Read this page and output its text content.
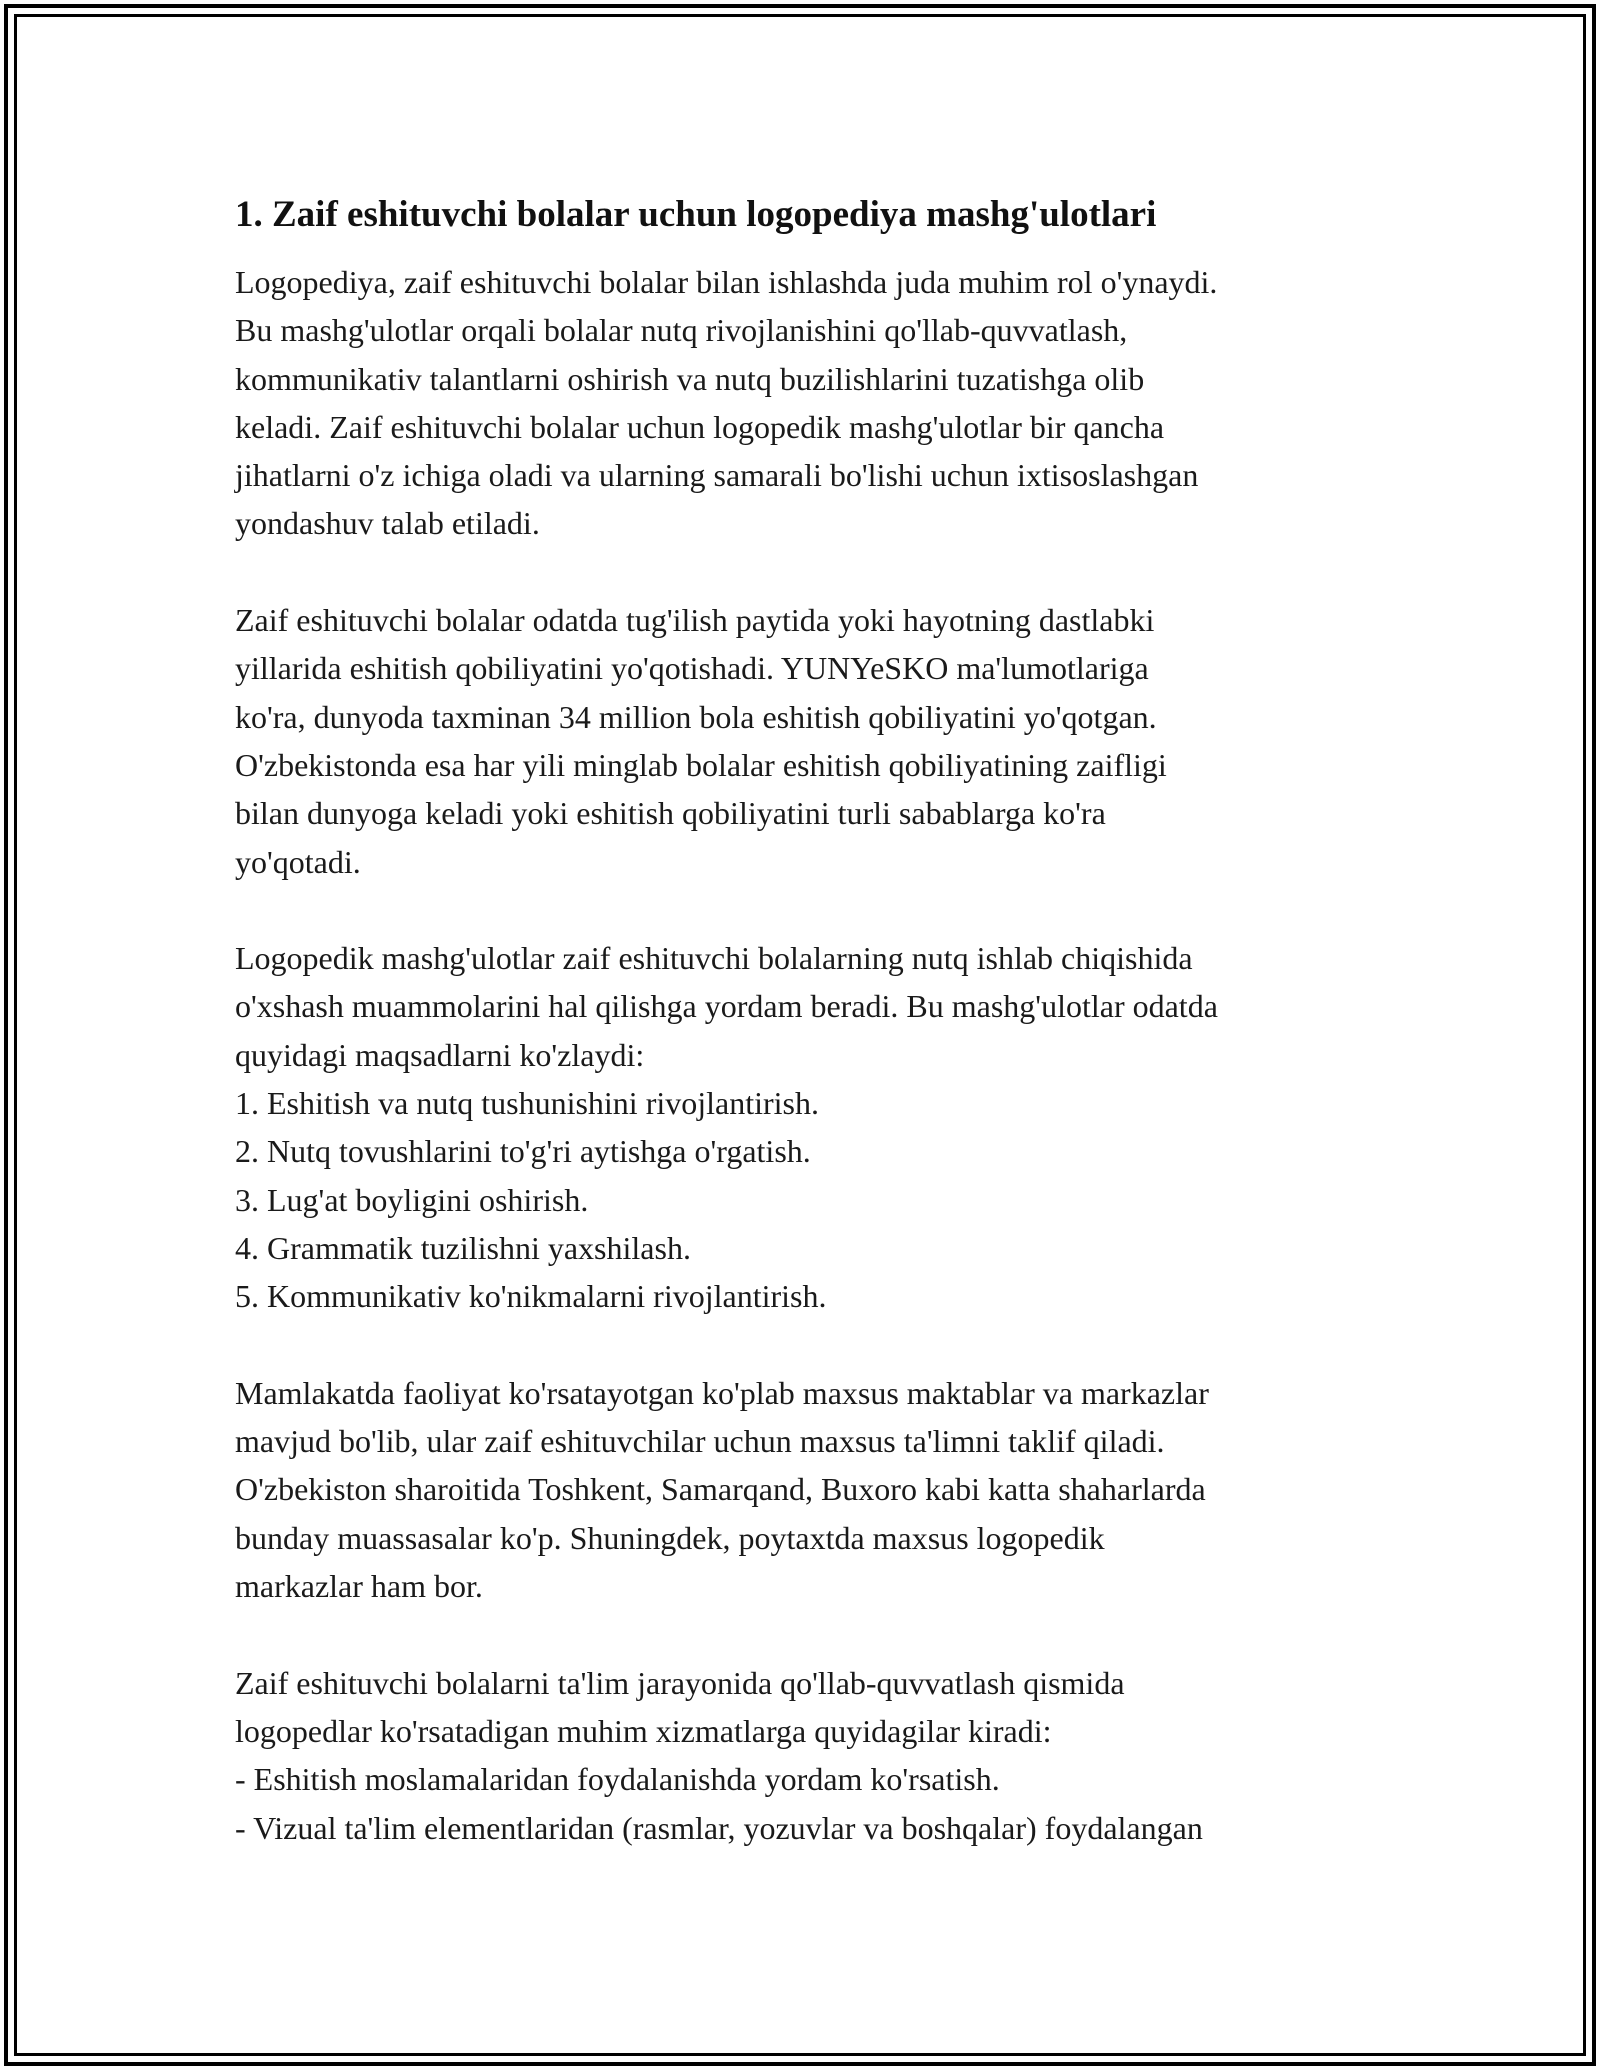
1. Zaif eshituvchi bolalar uchun logopediya mashg'ulotlari

Logopediya, zaif eshituvchi bolalar bilan ishlashda juda muhim rol o'ynaydi.
Bu mashg'ulotlar orqali bolalar nutq rivojlanishini qo'llab-quvvatlash,
kommunikativ talantlarni oshirish va nutq buzilishlarini tuzatishga olib
keladi. Zaif eshituvchi bolalar uchun logopedik mashg'ulotlar bir qancha
jihatlarni o'z ichiga oladi va ularning samarali bo'lishi uchun ixtisoslashgan
yondashuv talab etiladi.

Zaif eshituvchi bolalar odatda tug'ilish paytida yoki hayotning dastlabki
yillarida eshitish qobiliyatini yo'qotishadi. YUNYeSKO ma'lumotlariga
ko'ra, dunyoda taxminan 34 million bola eshitish qobiliyatini yo'qotgan.
O'zbekistonda esa har yili minglab bolalar eshitish qobiliyatining zaifligi
bilan dunyoga keladi yoki eshitish qobiliyatini turli sabablarga ko'ra
yo'qotadi.

Logopedik mashg'ulotlar zaif eshituvchi bolalarning nutq ishlab chiqishida
o'xshash muammolarini hal qilishga yordam beradi. Bu mashg'ulotlar odatda
quyidagi maqsadlarni ko'zlaydi:
1. Eshitish va nutq tushunishini rivojlantirish.
2. Nutq tovushlarini to'g'ri aytishga o'rgatish.
3. Lug'at boyligini oshirish.
4. Grammatik tuzilishni yaxshilash.
5. Kommunikativ ko'nikmalarni rivojlantirish.

Mamlakatda faoliyat ko'rsatayotgan ko'plab maxsus maktablar va markazlar
mavjud bo'lib, ular zaif eshituvchilar uchun maxsus ta'limni taklif qiladi.
O'zbekiston sharoitida Toshkent, Samarqand, Buxoro kabi katta shaharlarda
bunday muassasalar ko'p. Shuningdek, poytaxtda maxsus logopedik
markazlar ham bor.

Zaif eshituvchi bolalarni ta'lim jarayonida qo'llab-quvvatlash qismida
logopedlar ko'rsatadigan muhim xizmatlarga quyidagilar kiradi:
- Eshitish moslamalaridan foydalanishda yordam ko'rsatish.
- Vizual ta'lim elementlaridan (rasmlar, yozuvlar va boshqalar) foydalangan
